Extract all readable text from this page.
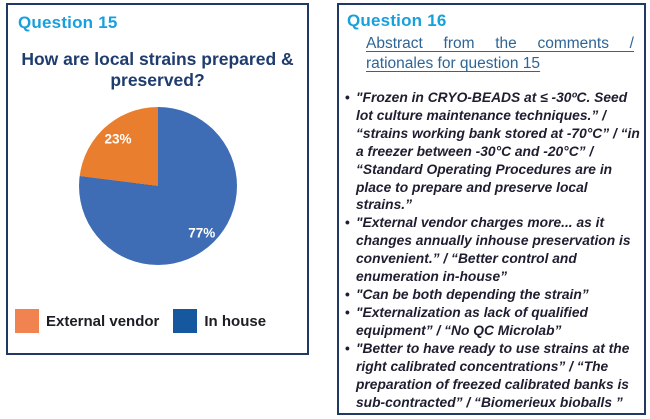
Question 15
How are local strains prepared &
preserved?
23%
77%
External vendor	In house
Question 16
Abstract from the comments /
rationales for question 15
• "Frozen in CRYO-BEADS at ≤ -30ºC. Seed lot culture maintenance techniques.” / “strains working bank stored at -70°C” / “in a freezer between -30°C and -20°C” / “Standard Operating Procedures are in place to prepare and preserve local strains.”
• "External vendor charges more... as it changes annually inhouse preservation is convenient.” / “Better control and enumeration in-house”
• "Can be both depending the strain”
• "Externalization as lack of qualified equipment” / “No QC Microlab”
• "Better to have ready to use strains at the right calibrated concentrations” / “The preparation of freezed calibrated banks is sub-contracted” / “Biomerieux bioballs ”
